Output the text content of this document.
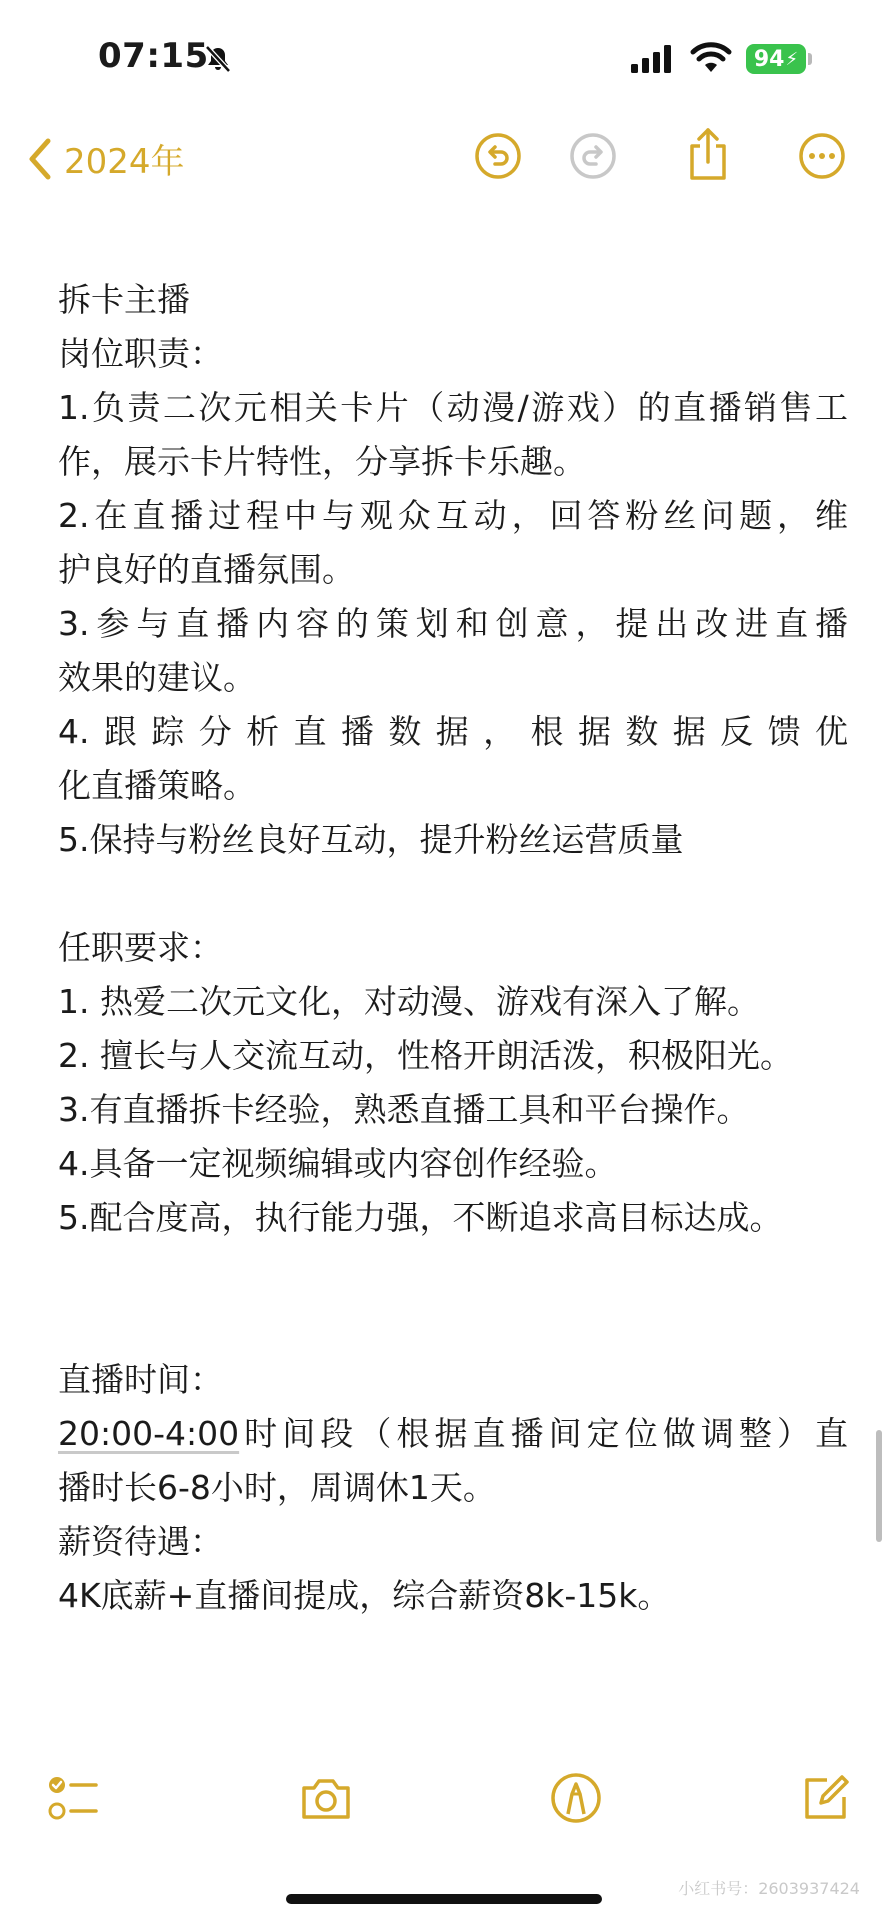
07:15	94 ⚡
2024年
拆卡主播
岗位职责：
1.负责二次元相关卡片（动漫/游戏）的直播销售工
作，展示卡片特性，分享拆卡乐趣。
2.在直播过程中与观众互动，回答粉丝问题，维
护良好的直播氛围。
3.参与直播内容的策划和创意，提出改进直播
效果的建议。
4.跟踪分析直播数据，根据数据反馈优
化直播策略。
5.保持与粉丝良好互动，提升粉丝运营质量
任职要求：
1. 热爱二次元文化，对动漫、游戏有深入了解。
2. 擅长与人交流互动，性格开朗活泼，积极阳光。
3.有直播拆卡经验，熟悉直播工具和平台操作。
4.具备一定视频编辑或内容创作经验。
5.配合度高，执行能力强，不断追求高目标达成。
直播时间：
20:00-4:00时间段（根据直播间定位做调整）直
播时长6-8小时，周调休1天。
薪资待遇：
4K底薪+直播间提成，综合薪资8k-15k。
小红书号：2603937424
